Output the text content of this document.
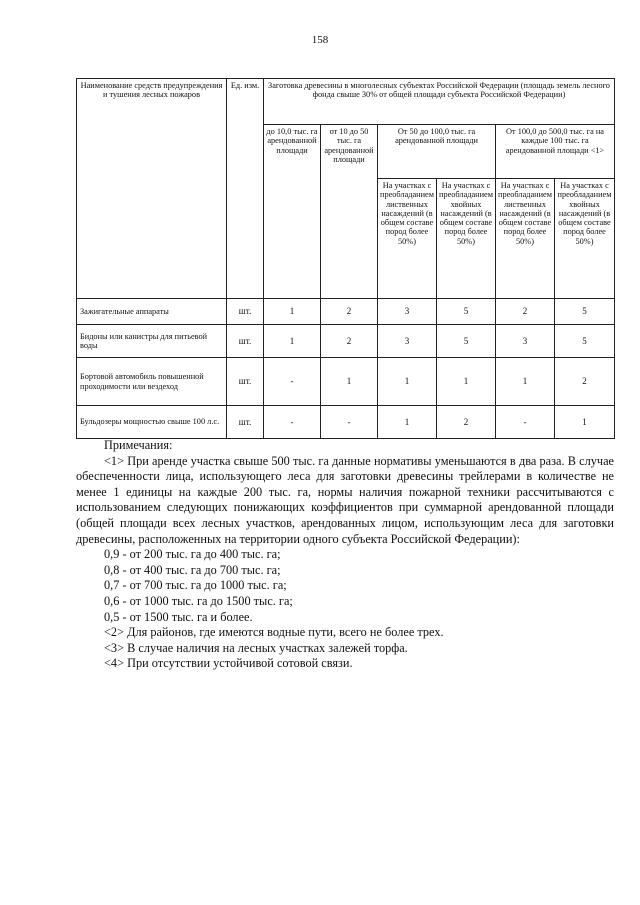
158
Наименование средств предупреждения и тушения лесных пожаров	Ед. изм.	Заготовка древесины в многолесных субъектах Российской Федерации (площадь земель лесного фонда свыше 30% от общей площади субъекта Российской Федерации)					
		до 10,0 тыс. га арендованной площади	от 10 до 50 тыс. га арендованной площади	От 50 до 100,0 тыс. га арендованной площади		От 100,0 до 500,0 тыс. га на каждые 100 тыс. га арендованной площади <1>	
				На участках с преобладанием лиственных насаждений (в общем составе пород более 50%)	На участках с преобладанием хвойных насаждений (в общем составе пород более 50%)	На участках с преобладанием лиственных насаждений (в общем составе пород более 50%)	На участках с преобладанием хвойных насаждений (в общем составе пород более 50%)
Зажигательные аппараты	шт.	1	2	3	5	2	5
Бидоны или канистры для питьевой воды	шт.	1	2	3	5	3	5
Бортовой автомобиль повышенной проходимости или вездеход	шт.	-	1	1	1	1	2
Бульдозеры мощностью свыше 100 л.с.	шт.	-	-	1	2	-	1

Примечания:

<1> При аренде участка свыше 500 тыс. га данные нормативы уменьшаются в два раза. В случае обеспеченности лица, использующего леса для заготовки древесины трейлерами в количестве не менее 1 единицы на каждые 200 тыс. га, нормы наличия пожарной техники рассчитываются с использованием следующих понижающих коэффициентов при суммарной арендованной площади (общей площади всех лесных участков, арендованных лицом, использующим леса для заготовки древесины, расположенных на территории одного субъекта Российской Федерации):

0,9 - от 200 тыс. га до 400 тыс. га;

0,8 - от 400 тыс. га до 700 тыс. га;

0,7 - от 700 тыс. га до 1000 тыс. га;

0,6 - от 1000 тыс. га до 1500 тыс. га;

0,5 - от 1500 тыс. га и более.

<2> Для районов, где имеются водные пути, всего не более трех.

<3> В случае наличия на лесных участках залежей торфа.

<4> При отсутствии устойчивой сотовой связи.
